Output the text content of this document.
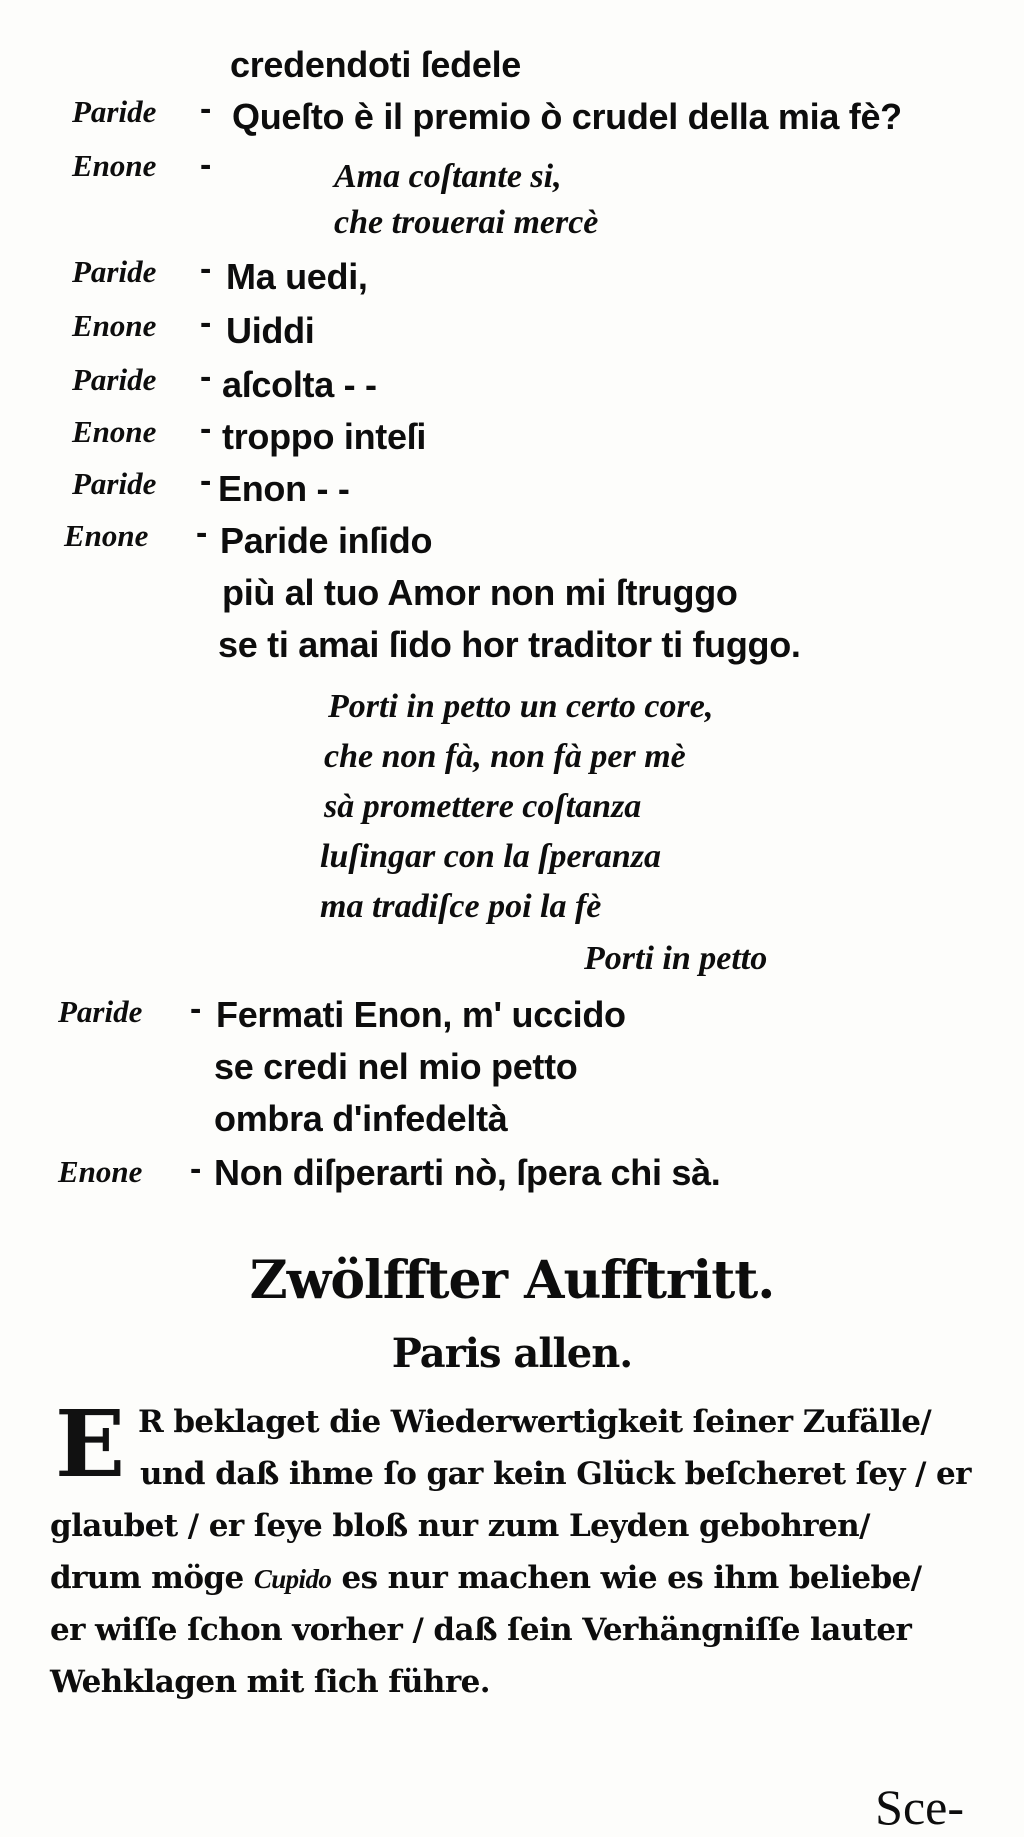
credendoti ſedele
Paride - Queſto è il premio ò crudel della mia fè?
Enone -	Ama coſtante si,
che trouerai mercè
Paride - Ma uedi,
Enone - Uiddi
Paride - aſcolta - -
Enone - troppo inteſi
Paride - Enon - -
Enone - Paride inſido
più al tuo Amor non mi ſtruggo
se ti amai ſido hor traditor ti fuggo.
Porti in petto un certo core,
che non fà, non fà per mè
sà promettere coſtanza
luſingar con la ſperanza
ma tradiſce poi la fè
Porti in petto
Paride - Fermati Enon, m' uccido
se credi nel mio petto
ombra d'infedeltà
Enone - Non diſperarti nò, ſpera chi sà.
Zwölffter Aufftritt.
Paris allen.
E R beklaget die Wiederwertigkeit ſeiner Zufälle/
und daß ihme ſo gar kein Glück beſcheret ſey / er
glaubet / er ſeye bloß nur zum Leyden gebohren/
drum möge Cupido es nur machen wie es ihm beliebe/
er wiſſe ſchon vorher / daß ſein Verhängniſſe lauter
Wehklagen mit ſich führe.
Sce-
